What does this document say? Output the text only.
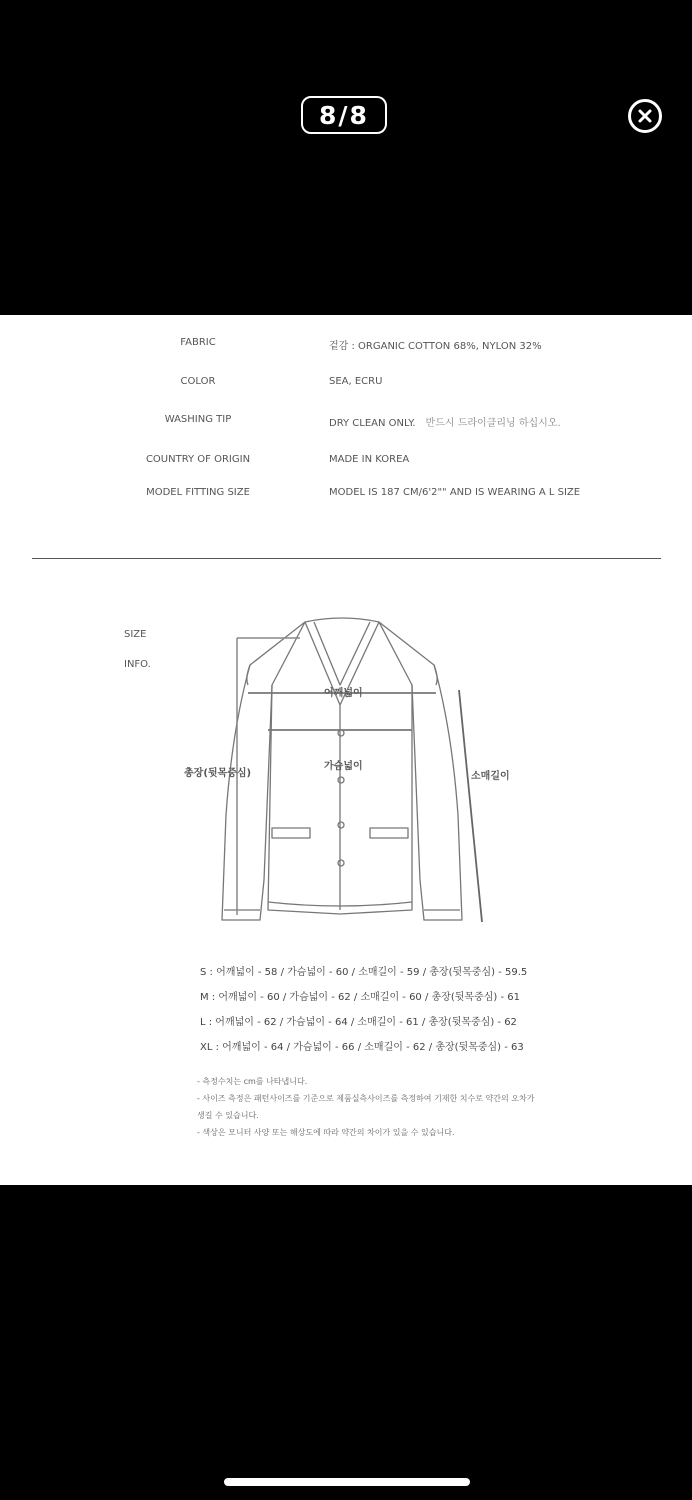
8/8
FABRIC	겉감 : ORGANIC COTTON 68%, NYLON 32%
COLOR	SEA, ECRU
WASHING TIP	DRY CLEAN ONLY. 반드시 드라이클리닝 하십시오.
COUNTRY OF ORIGIN	MADE IN KOREA
MODEL FITTING SIZE	MODEL IS 187 CM/6'2"" AND IS WEARING A L SIZE
SIZE
INFO.
어깨넓이
가슴넓이
총장(뒷목중심)	소매길이
S : 어깨넓이 - 58 / 가슴넓이 - 60 / 소매길이 - 59 / 총장(뒷목중심) - 59.5
M : 어깨넓이 - 60 / 가슴넓이 - 62 / 소매길이 - 60 / 총장(뒷목중심) - 61
L : 어깨넓이 - 62 / 가슴넓이 - 64 / 소매길이 - 61 / 총장(뒷목중심) - 62
XL : 어깨넓이 - 64 / 가슴넓이 - 66 / 소매길이 - 62 / 총장(뒷목중심) - 63
- 측정수치는 cm를 나타냅니다.
- 사이즈 측정은 패턴사이즈를 기준으로 제품실측사이즈를 측정하여 기재한 치수로 약간의 오차가
생길 수 있습니다.
- 색상은 모니터 사양 또는 해상도에 따라 약간의 차이가 있을 수 있습니다.
